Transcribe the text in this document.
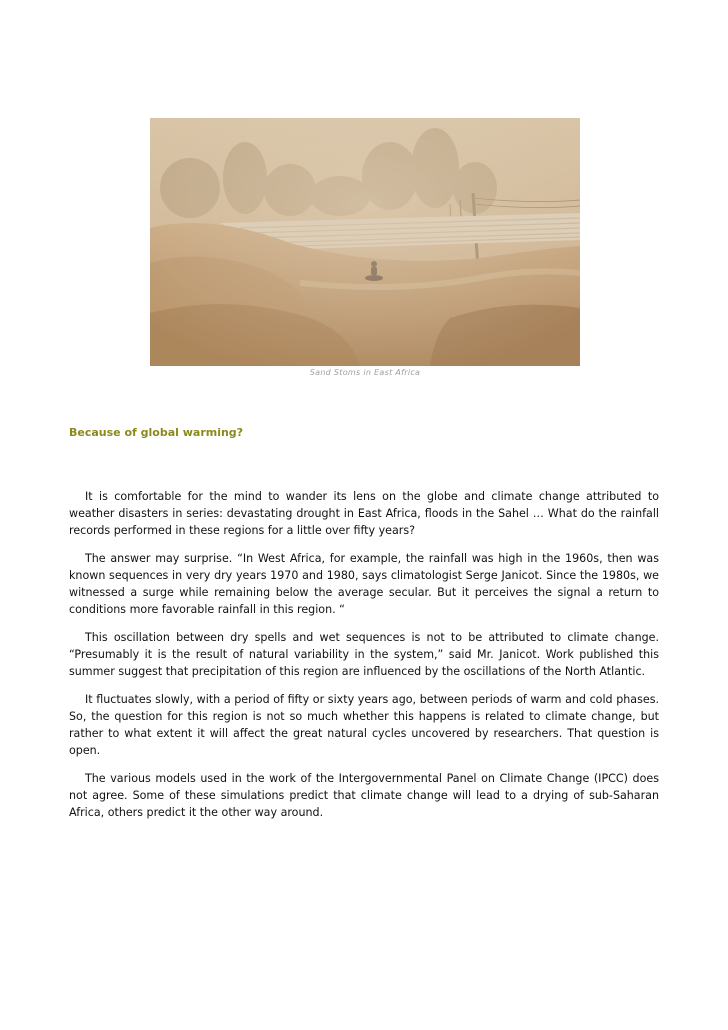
Sand Stoms in East Africa
Because of global warming?

It is comfortable for the mind to wander its lens on the globe and climate change attributed to weather disasters in series: devastating drought in East Africa, floods in the Sahel … What do the rainfall records performed in these regions for a little over fifty years?

The answer may surprise. “In West Africa, for example, the rainfall was high in the 1960s, then was known sequences in very dry years 1970 and 1980, says climatologist Serge Janicot. Since the 1980s, we witnessed a surge while remaining below the average secular. But it perceives the signal a return to conditions more favorable rainfall in this region. “

This oscillation between dry spells and wet sequences is not to be attributed to climate change. “Presumably it is the result of natural variability in the system,” said Mr. Janicot. Work published this summer suggest that precipitation of this region are influenced by the oscillations of the North Atlantic.

It fluctuates slowly, with a period of fifty or sixty years ago, between periods of warm and cold phases. So, the question for this region is not so much whether this happens is related to climate change, but rather to what extent it will affect the great natural cycles uncovered by researchers. That question is open.

The various models used in the work of the Intergovernmental Panel on Climate Change (IPCC) does not agree. Some of these simulations predict that climate change will lead to a drying of sub-Saharan Africa, others predict it the other way around.
